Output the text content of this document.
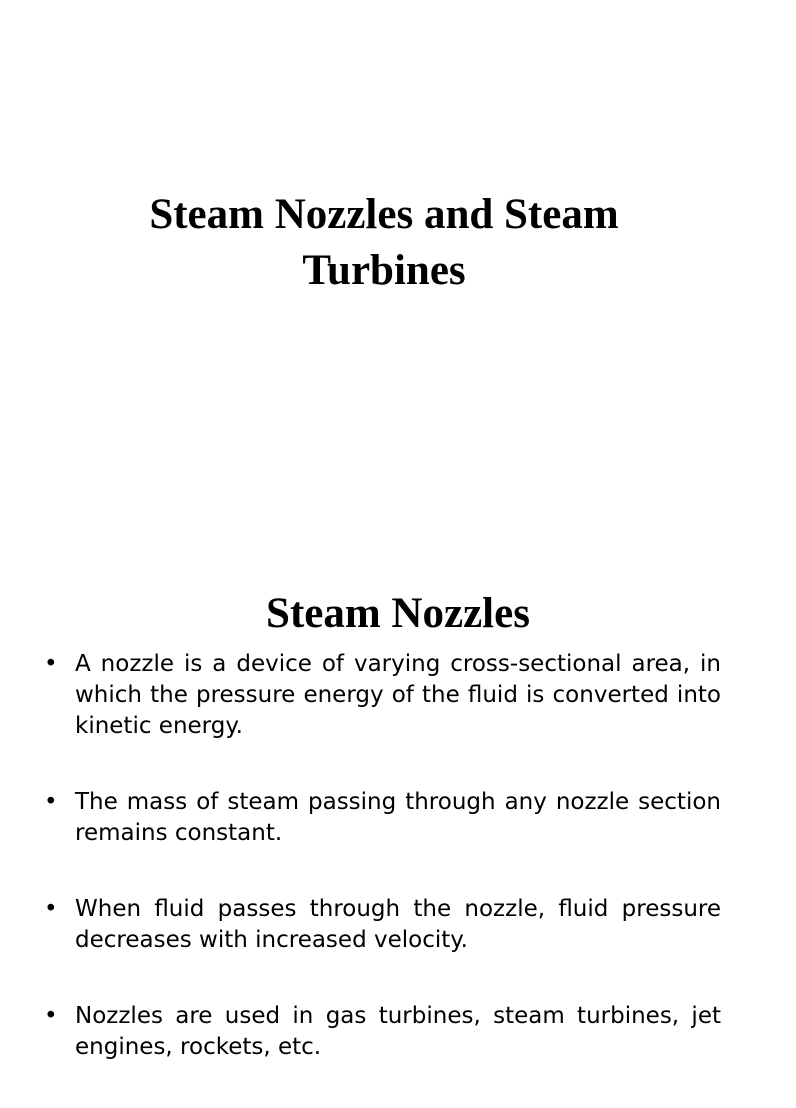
Steam Nozzles and Steam Turbines
Steam Nozzles
• A nozzle is a device of varying cross-sectional area, in which the pressure energy of the fluid is converted into kinetic energy.
• The mass of steam passing through any nozzle section remains constant.
• When fluid passes through the nozzle, fluid pressure decreases with increased velocity.
• Nozzles are used in gas turbines, steam turbines, jet engines, rockets, etc.
